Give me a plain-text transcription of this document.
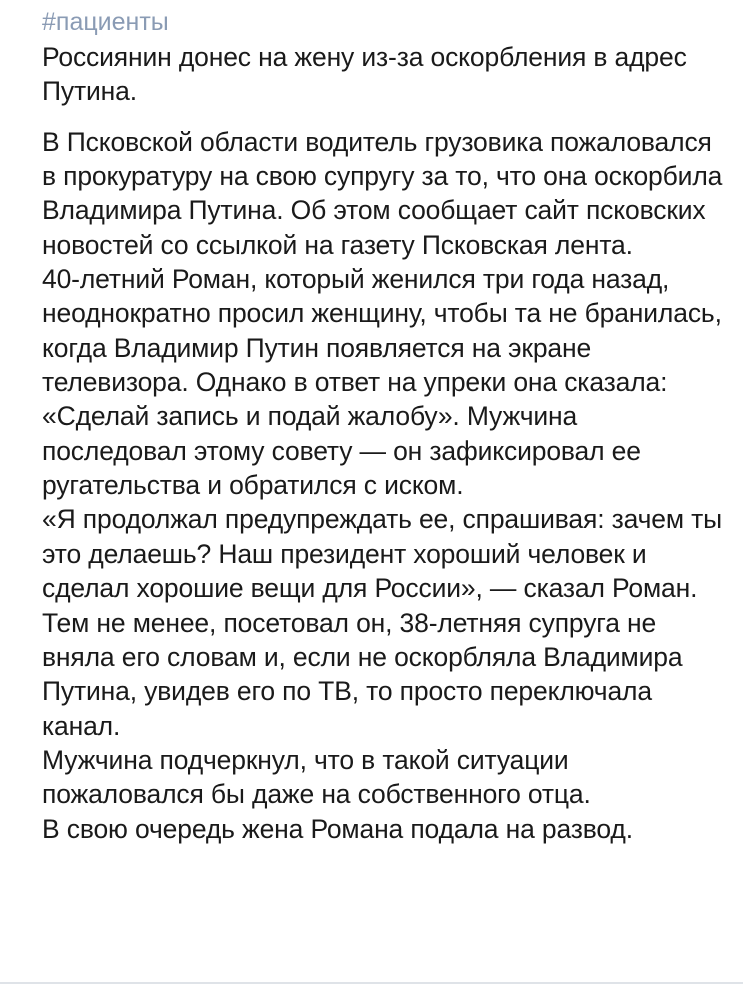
#пациенты

Россиянин донес на жену из-за оскорбления в адрес Путина.

В Псковской области водитель грузовика пожаловался в прокуратуру на свою супругу за то, что она оскорбила Владимира Путина. Об этом сообщает сайт псковских новостей со ссылкой на газету Псковская лента.

40-летний Роман, который женился три года назад, неоднократно просил женщину, чтобы та не бранилась, когда Владимир Путин появляется на экране телевизора. Однако в ответ на упреки она сказала: «Сделай запись и подай жалобу». Мужчина последовал этому совету — он зафиксировал ее ругательства и обратился с иском.

«Я продолжал предупреждать ее, спрашивая: зачем ты это делаешь? Наш президент хороший человек и сделал хорошие вещи для России», — сказал Роман. Тем не менее, посетовал он, 38-летняя супруга не вняла его словам и, если не оскорбляла Владимира Путина, увидев его по ТВ, то просто переключала канал.

Мужчина подчеркнул, что в такой ситуации пожаловался бы даже на собственного отца.

В свою очередь жена Романа подала на развод.
